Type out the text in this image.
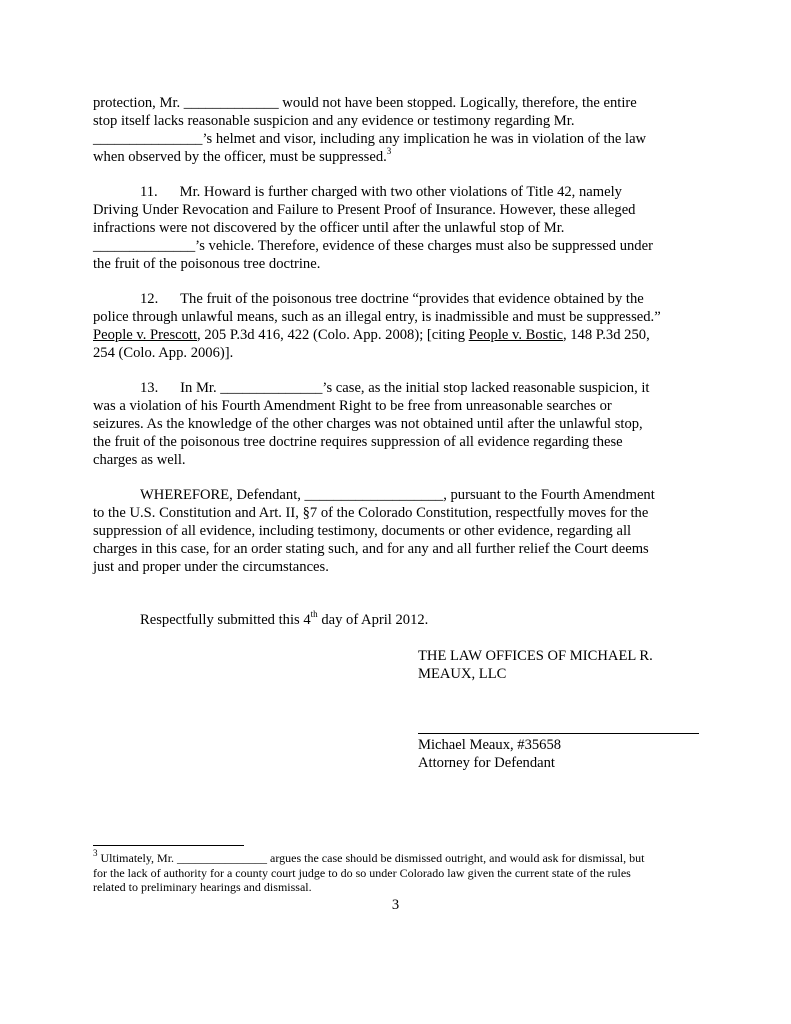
protection, Mr. _____________ would not have been stopped. Logically, therefore, the entire
stop itself lacks reasonable suspicion and any evidence or testimony regarding Mr.
_______________’s helmet and visor, including any implication he was in violation of the law
when observed by the officer, must be suppressed.$^3$
11.      Mr. Howard is further charged with two other violations of Title 42, namely
Driving Under Revocation and Failure to Present Proof of Insurance. However, these alleged
infractions were not discovered by the officer until after the unlawful stop of Mr.
______________’s vehicle. Therefore, evidence of these charges must also be suppressed under
the fruit of the poisonous tree doctrine.
12.      The fruit of the poisonous tree doctrine “provides that evidence obtained by the
police through unlawful means, such as an illegal entry, is inadmissible and must be suppressed.”
People v. Prescott, 205 P.3d 416, 422 (Colo. App. 2008); [citing People v. Bostic, 148 P.3d 250,
254 (Colo. App. 2006)].
13.      In Mr. ______________’s case, as the initial stop lacked reasonable suspicion, it
was a violation of his Fourth Amendment Right to be free from unreasonable searches or
seizures. As the knowledge of the other charges was not obtained until after the unlawful stop,
the fruit of the poisonous tree doctrine requires suppression of all evidence regarding these
charges as well.
WHEREFORE, Defendant, ___________________, pursuant to the Fourth Amendment
to the U.S. Constitution and Art. II, §7 of the Colorado Constitution, respectfully moves for the
suppression of all evidence, including testimony, documents or other evidence, regarding all
charges in this case, for an order stating such, and for any and all further relief the Court deems
just and proper under the circumstances.
Respectfully submitted this 4th day of April 2012.
THE LAW OFFICES OF MICHAEL R.
MEAUX, LLC
Michael Meaux, #35658
Attorney for Defendant
$^3$ Ultimately, Mr. _______________ argues the case should be dismissed outright, and would ask for dismissal, but
for the lack of authority for a county court judge to do so under Colorado law given the current state of the rules
related to preliminary hearings and dismissal.
3
